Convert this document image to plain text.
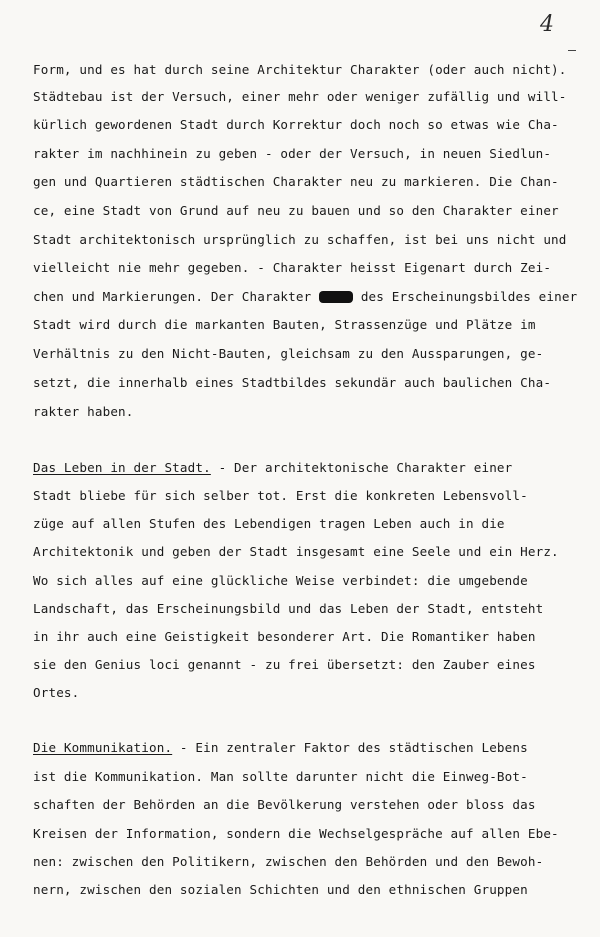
4
Form, und es hat durch seine Architektur Charakter (oder auch nicht).
Städtebau ist der Versuch, einer mehr oder weniger zufällig und will-
kürlich gewordenen Stadt durch Korrektur doch noch so etwas wie Cha-
rakter im nachhinein zu geben - oder der Versuch, in neuen Siedlun-
gen und Quartieren städtischen Charakter neu zu markieren. Die Chan-
ce, eine Stadt von Grund auf neu zu bauen und so den Charakter einer
Stadt architektonisch ursprünglich zu schaffen, ist bei uns nicht und
vielleicht nie mehr gegeben. - Charakter heisst Eigenart durch Zei-
chen und Markierungen. Der Charakter	des Erscheinungsbildes einer
Stadt wird durch die markanten Bauten, Strassenzüge und Plätze im
Verhältnis zu den Nicht-Bauten, gleichsam zu den Aussparungen, ge-
setzt, die innerhalb eines Stadtbildes sekundär auch baulichen Cha-
rakter haben.
Das Leben in der Stadt. - Der architektonische Charakter einer
Stadt bliebe für sich selber tot. Erst die konkreten Lebensvoll-
züge auf allen Stufen des Lebendigen tragen Leben auch in die
Architektonik und geben der Stadt insgesamt eine Seele und ein Herz.
Wo sich alles auf eine glückliche Weise verbindet: die umgebende
Landschaft, das Erscheinungsbild und das Leben der Stadt, entsteht
in ihr auch eine Geistigkeit besonderer Art. Die Romantiker haben
sie den Genius loci genannt - zu frei übersetzt: den Zauber eines
Ortes.
Die Kommunikation. - Ein zentraler Faktor des städtischen Lebens
ist die Kommunikation. Man sollte darunter nicht die Einweg-Bot-
schaften der Behörden an die Bevölkerung verstehen oder bloss das
Kreisen der Information, sondern die Wechselgespräche auf allen Ebe-
nen: zwischen den Politikern, zwischen den Behörden und den Bewoh-
nern, zwischen den sozialen Schichten und den ethnischen Gruppen
